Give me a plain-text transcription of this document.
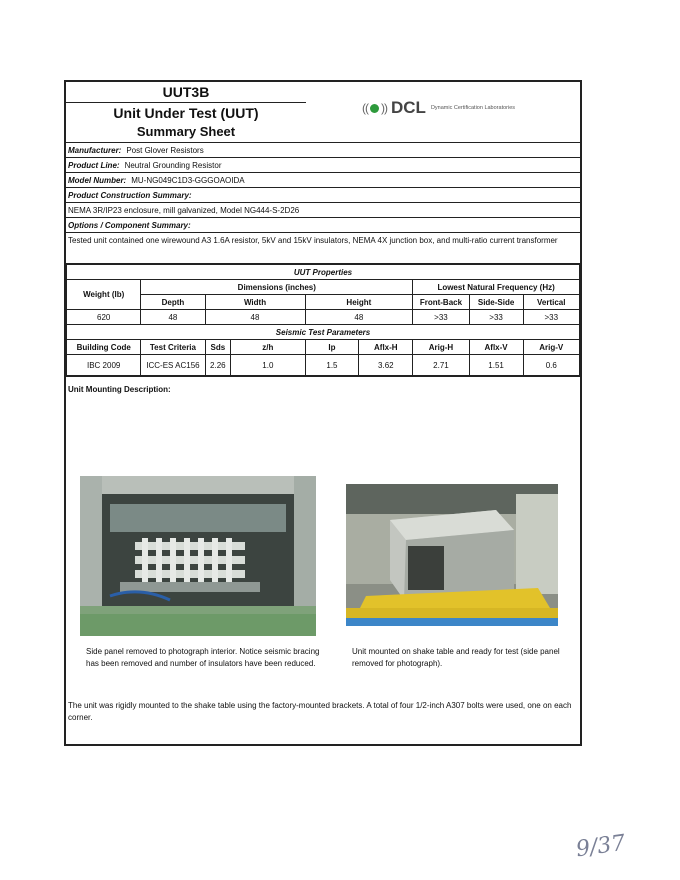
UUT3B
Unit Under Test (UUT)
Summary Sheet
(( )) DCL Dynamic Certification Laboratories
Manufacturer: Post Glover Resistors
Product Line: Neutral Grounding Resistor
Model Number: MU-NG049C1D3-GGGOAOIDA
Product Construction Summary:
NEMA 3R/IP23 enclosure, mill galvanized, Model NG444-S-2D26
Options / Component Summary:
Tested unit contained one wirewound A3 1.6A resistor, 5kV and 15kV insulators, NEMA 4X junction box, and multi-ratio current transformer
UUT Properties								
Weight (lb)	Dimensions (inches)					Lowest Natural Frequency (Hz)		
	Depth	Width		Height		Front-Back	Side-Side	Vertical
620	48	48		48		>33	>33	>33
Seismic Test Parameters								
Building Code	Test Criteria	Sds	z/h	Ip	Aflx-H	Arig-H	Aflx-V	Arig-V
IBC 2009	ICC-ES AC156	2.26	1.0	1.5	3.62	2.71	1.51	0.6
Unit Mounting Description:
Side panel removed to photograph interior. Notice seismic bracing has been removed and number of insulators have been reduced.
Unit mounted on shake table and ready for test (side panel removed for photograph).
The unit was rigidly mounted to the shake table using the factory-mounted brackets. A total of four 1/2-inch A307 bolts were used, one on each corner.
9/37
